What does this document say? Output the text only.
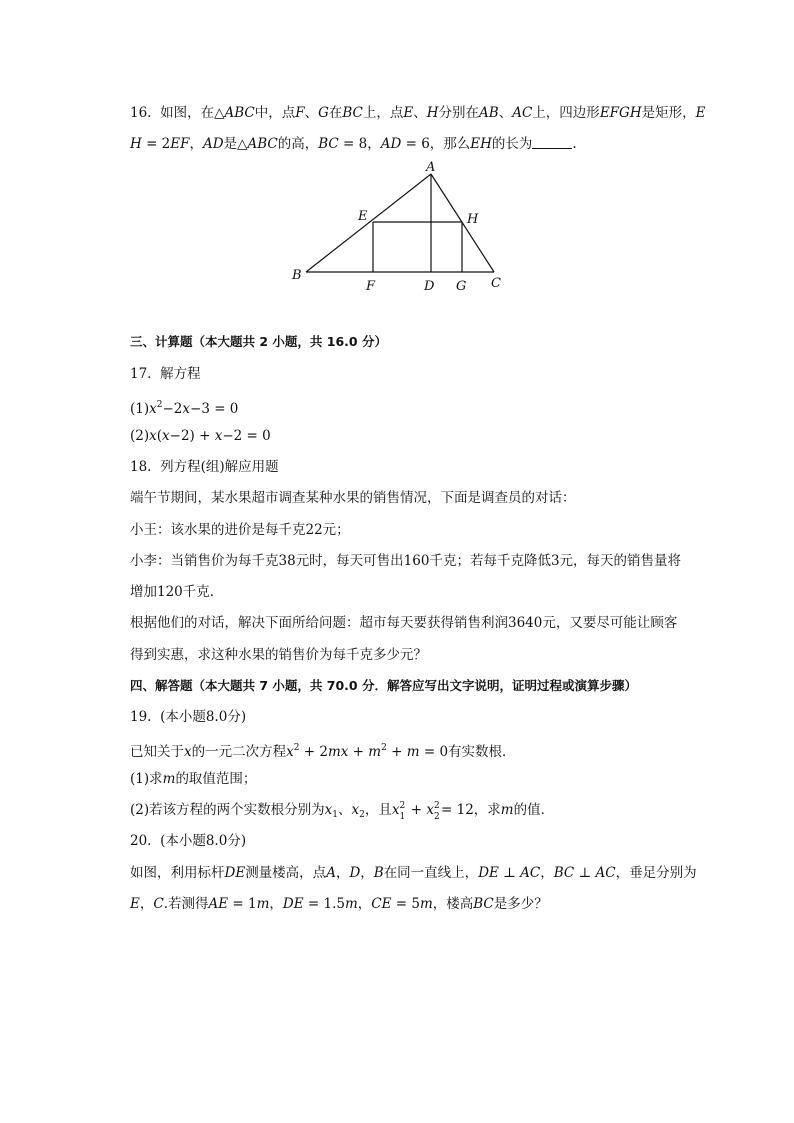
16. 如图，在△ABC中，点F、G在BC上，点E、H分别在AB、AC上，四边形EFGH是矩形，E
H = 2EF，AD是△ABC的高，BC = 8，AD = 6，那么EH的长为	.
A
B
C
D
E
F	G
H
三、计算题（本大题共 2 小题，共 16.0 分）
17. 解方程
$(1)x^2-2x-3 = 0$
(2)x(x−2) + x−2 = 0
18. 列方程(组)解应用题
端午节期间，某水果超市调查某种水果的销售情况，下面是调查员的对话：
小王：该水果的进价是每千克22元；
小李：当销售价为每千克38元时，每天可售出160千克；若每千克降低3元，每天的销售量将
增加120千克．
根据他们的对话，解决下面所给问题：超市每天要获得销售利润3640元，又要尽可能让顾客
得到实惠，求这种水果的销售价为每千克多少元？
四、解答题（本大题共 7 小题，共 70.0 分．解答应写出文字说明，证明过程或演算步骤）
19. (本小题8.0分)
已知关于x的一元二次方程$x^2 + 2mx + m^2 + m = 0$有实数根．
(1)求m的取值范围；
(2)若该方程的两个实数根分别为$x_1$、$x_2$，且x 2
1 + x 2
2 = 12，求m的值．
20. (本小题8.0分)
如图，利用标杆DE测量楼高，点A，D，B在同一直线上，DE ⊥ AC，BC ⊥ AC，垂足分别为
E，C.若测得AE = 1m，DE = 1.5m，CE = 5m，楼高BC是多少？
